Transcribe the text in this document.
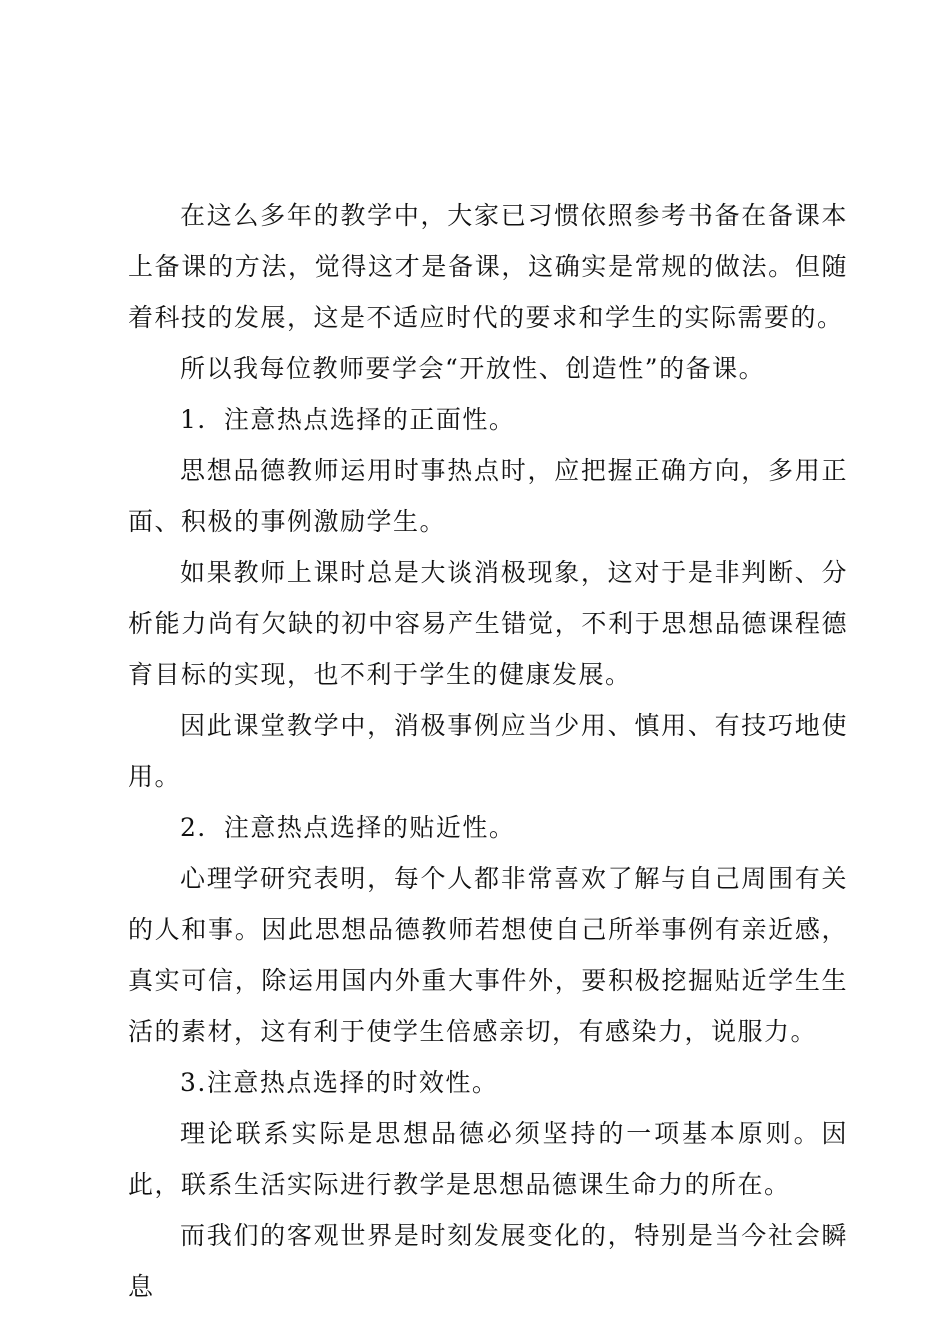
在这么多年的教学中，大家已习惯依照参考书备在备课本上备课的方法，觉得这才是备课，这确实是常规的做法。但随着科技的发展，这是不适应时代的要求和学生的实际需要的。

所以我每位教师要学会“开放性、创造性”的备课。

1．注意热点选择的正面性。

思想品德教师运用时事热点时，应把握正确方向，多用正面、积极的事例激励学生。

如果教师上课时总是大谈消极现象，这对于是非判断、分析能力尚有欠缺的初中容易产生错觉，不利于思想品德课程德育目标的实现，也不利于学生的健康发展。

因此课堂教学中，消极事例应当少用、慎用、有技巧地使用。

2．注意热点选择的贴近性。

心理学研究表明，每个人都非常喜欢了解与自己周围有关的人和事。因此思想品德教师若想使自己所举事例有亲近感，真实可信，除运用国内外重大事件外，要积极挖掘贴近学生生活的素材，这有利于使学生倍感亲切，有感染力，说服力。

3.注意热点选择的时效性。

理论联系实际是思想品德必须坚持的一项基本原则。因此，联系生活实际进行教学是思想品德课生命力的所在。

而我们的客观世界是时刻发展变化的，特别是当今社会瞬息
